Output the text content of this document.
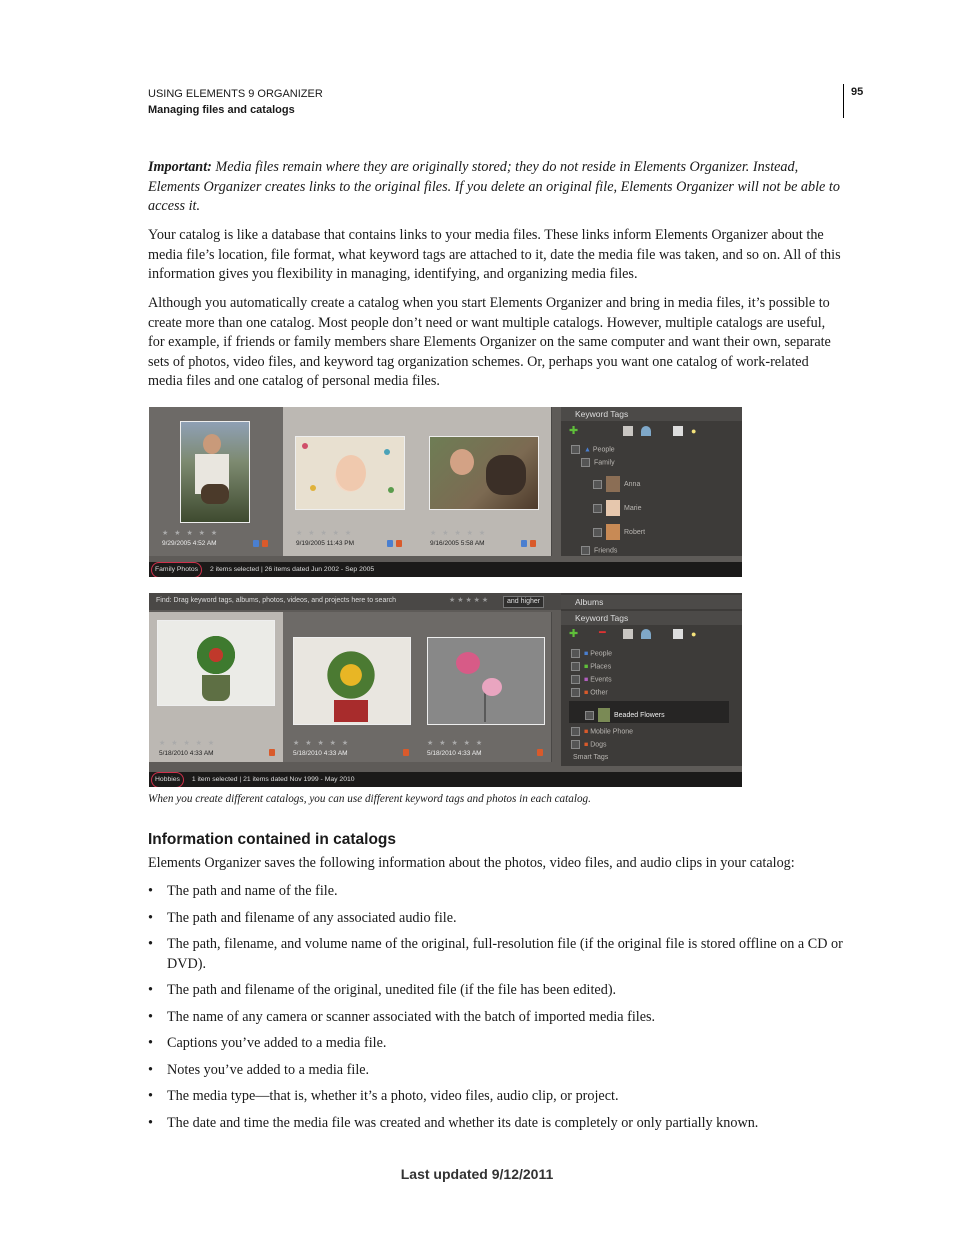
USING ELEMENTS 9 ORGANIZER
Managing files and catalogs
95
Important: Media files remain where they are originally stored; they do not reside in Elements Organizer. Instead, Elements Organizer creates links to the original files. If you delete an original file, Elements Organizer will not be able to access it.
Your catalog is like a database that contains links to your media files. These links inform Elements Organizer about the media file’s location, file format, what keyword tags are attached to it, date the media file was taken, and so on. All of this information gives you flexibility in managing, identifying, and organizing media files.
Although you automatically create a catalog when you start Elements Organizer and bring in media files, it’s possible to create more than one catalog. Most people don’t need or want multiple catalogs. However, multiple catalogs are useful, for example, if friends or family members share Elements Organizer on the same computer and want their own, separate sets of photos, video files, and keyword tag organization schemes. Or, perhaps you want one catalog of work-related media files and one catalog of personal media files.
★ ★ ★ ★ ★
9/29/2005 4:52 AM
★ ★ ★ ★ ★
9/19/2005 11:43 PM
★ ★ ★ ★ ★
9/16/2005 5:58 AM
Keyword Tags
✚	●
▲ People
Family
Anna
Marie
Robert
Friends
Family Photos 2 items selected | 26 items dated Jun 2002 - Sep 2005
Find: Drag keyword tags, albums, photos, videos, and projects here to search	★ ★ ★ ★ ★	and higher
★ ★ ★ ★ ★
5/18/2010 4:33 AM
★ ★ ★ ★ ★
5/18/2010 4:33 AM
★ ★ ★ ★ ★
5/18/2010 4:33 AM
Albums
Keyword Tags
✚ ━	●
■ People
■ Places
■ Events
■ Other
Beaded Flowers
■ Mobile Phone
■ Dogs
Smart Tags
Hobbies 1 item selected | 21 items dated Nov 1999 - May 2010
When you create different catalogs, you can use different keyword tags and photos in each catalog.
Information contained in catalogs
Elements Organizer saves the following information about the photos, video files, and audio clips in your catalog:
• The path and name of the file.
• The path and filename of any associated audio file.
• The path, filename, and volume name of the original, full-resolution file (if the original file is stored offline on a CD or DVD).
• The path and filename of the original, unedited file (if the file has been edited).
• The name of any camera or scanner associated with the batch of imported media files.
• Captions you’ve added to a media file.
• Notes you’ve added to a media file.
• The media type—that is, whether it’s a photo, video files, audio clip, or project.
• The date and time the media file was created and whether its date is completely or only partially known.
Last updated 9/12/2011
